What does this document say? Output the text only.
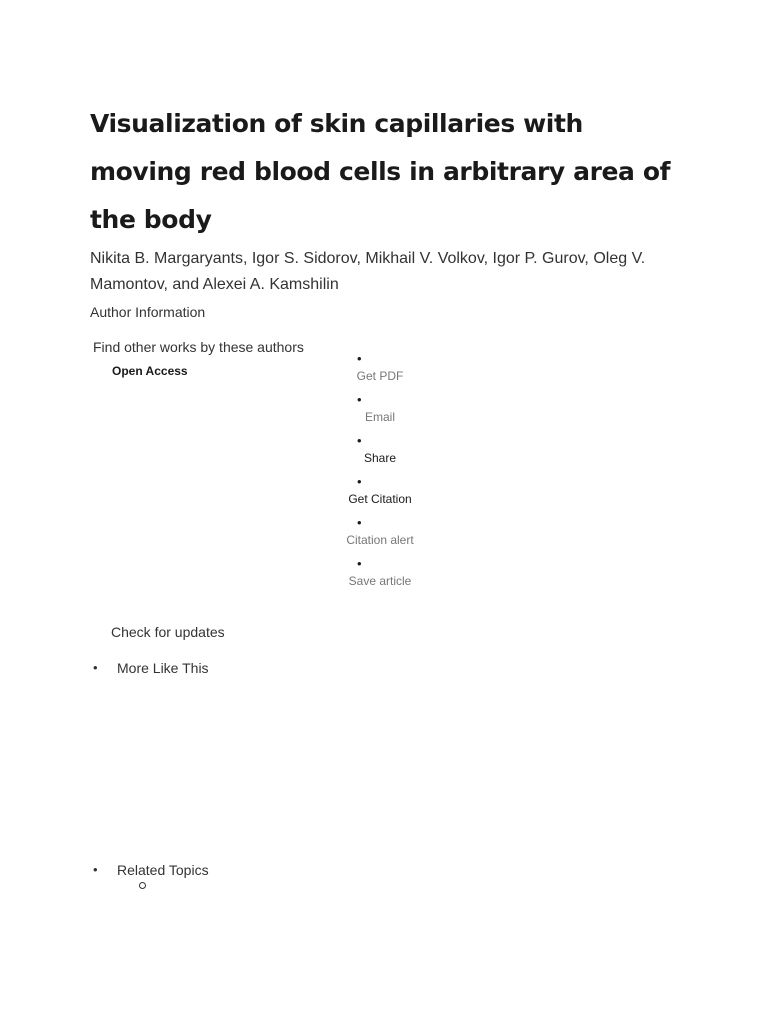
Visualization of skin capillaries with moving red blood cells in arbitrary area of the body
Nikita B. Margaryants, Igor S. Sidorov, Mikhail V. Volkov, Igor P. Gurov, Oleg V. Mamontov, and Alexei A. Kamshilin
Author Information
Find other works by these authors
Open Access
•
Get PDF
•
Email
•
Share
•
Get Citation
•
Citation alert
•
Save article
Check for updates
• More Like This
• Related Topics
